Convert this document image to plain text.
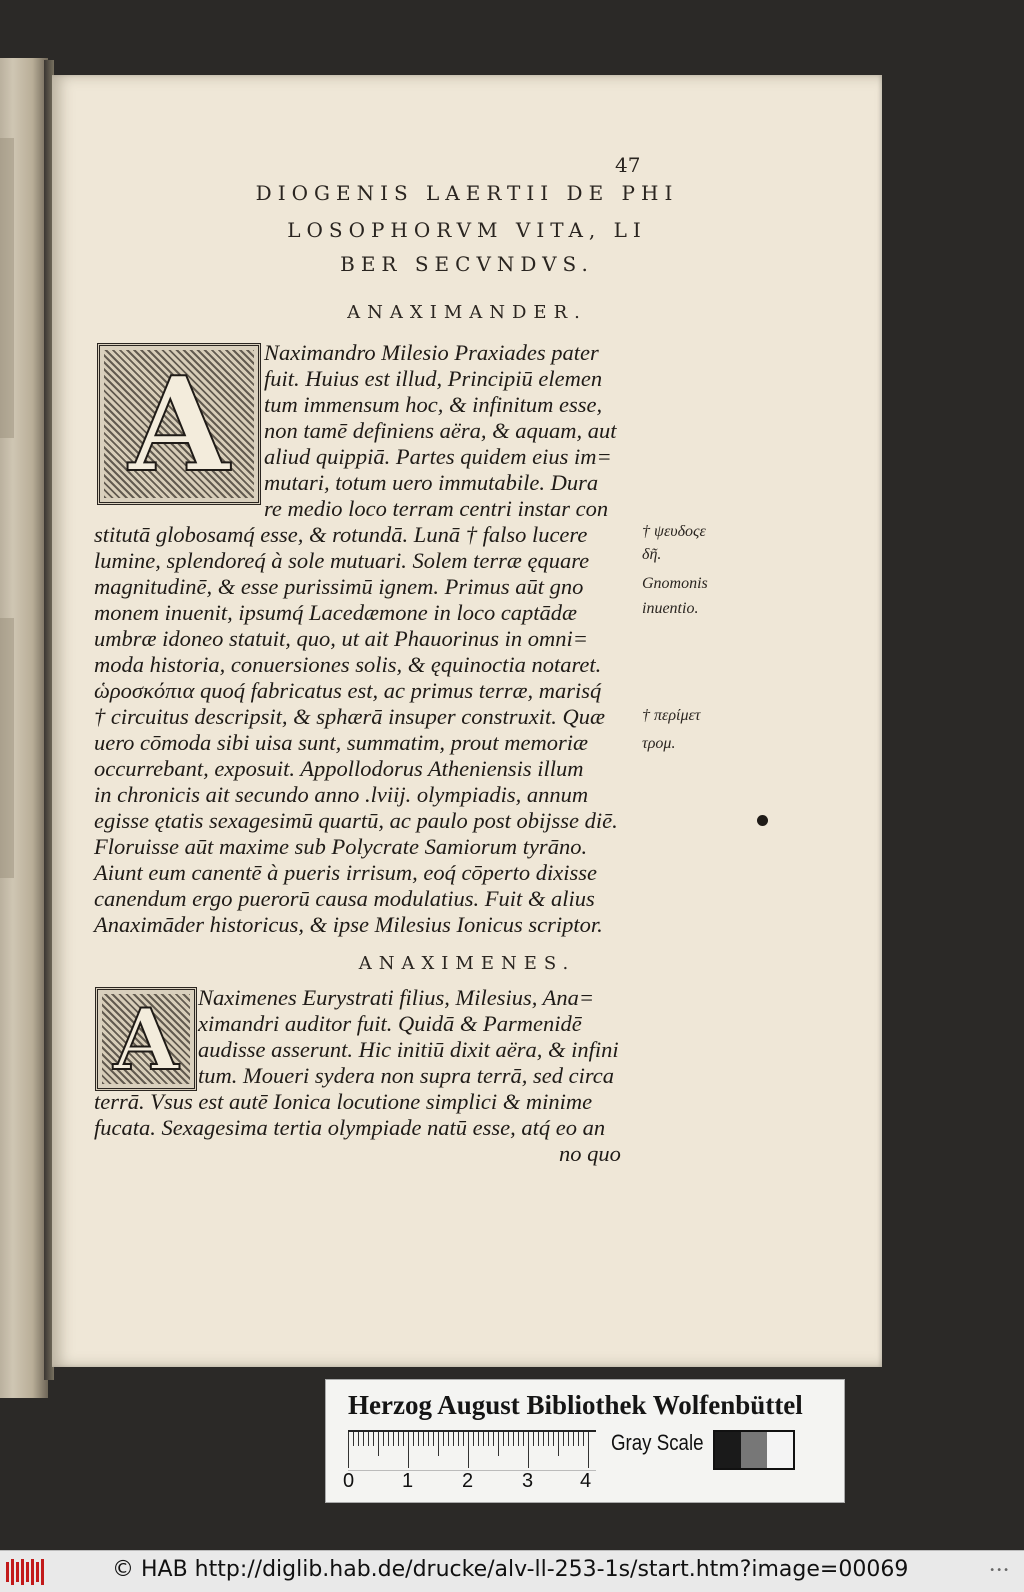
47
DIOGENIS LAERTII DE PHI
LOSOPHORVM VITA, LI
BER SECVNDVS.
ANAXIMANDER.
A Naximandro Milesio Praxiades pater
fuit. Huius est illud, Principiū elemen
tum immensum hoc, & infinitum esse,
non tamē definiens aëra, & aquam, aut
aliud quippiā. Partes quidem eius im=
mutari, totum uero immutabile. Dura
re medio loco terram centri instar con
stitutā globosamq́ esse, & rotundā. Lunā † falso lucere
lumine, splendoreq́ à sole mutuari. Solem terræ ęquare
magnitudinē, & esse purissimū ignem. Primus aūt gno
monem inuenit, ipsumq́ Lacedæmone in loco captādæ
umbræ idoneo statuit, quo, ut ait Phauorinus in omni=
moda historia, conuersiones solis, & ęquinoctia notaret.
ὡροσκόπια quoq́ fabricatus est, ac primus terræ, marisq́
† circuitus descripsit, & sphærā insuper construxit. Quæ
uero cōmoda sibi uisa sunt, summatim, prout memoriæ
occurrebant, exposuit. Appollodorus Atheniensis illum
in chronicis ait secundo anno .lviij. olympiadis, annum
egisse ętatis sexagesimū quartū, ac paulo post obijsse diē.
Floruisse aūt maxime sub Polycrate Samiorum tyrāno.
Aiunt eum canentē à pueris irrisum, eoq́ cōperto dixisse
canendum ergo puerorū causa modulatius. Fuit & alius
Anaximāder historicus, & ipse Milesius Ionicus scriptor.
† ψευδοςε
δῆ.
Gnomonis
inuentio.
† περίμετ
τρομ.
ANAXIMENES.
A Naximenes Eurystrati filius, Milesius, Ana=
ximandri auditor fuit. Quidā & Parmenidē
audisse asserunt. Hic initiū dixit aëra, & infini
tum. Moueri sydera non supra terrā, sed circa
terrā. Vsus est autē Ionica locutione simplici & minime
fucata. Sexagesima tertia olympiade natū esse, atq́ eo an
no quo
Herzog August Bibliothek Wolfenbüttel
0 1 2 3 4
Gray Scale
© HAB http://diglib.hab.de/drucke/alv-ll-253-1s/start.htm?image=00069	•••
